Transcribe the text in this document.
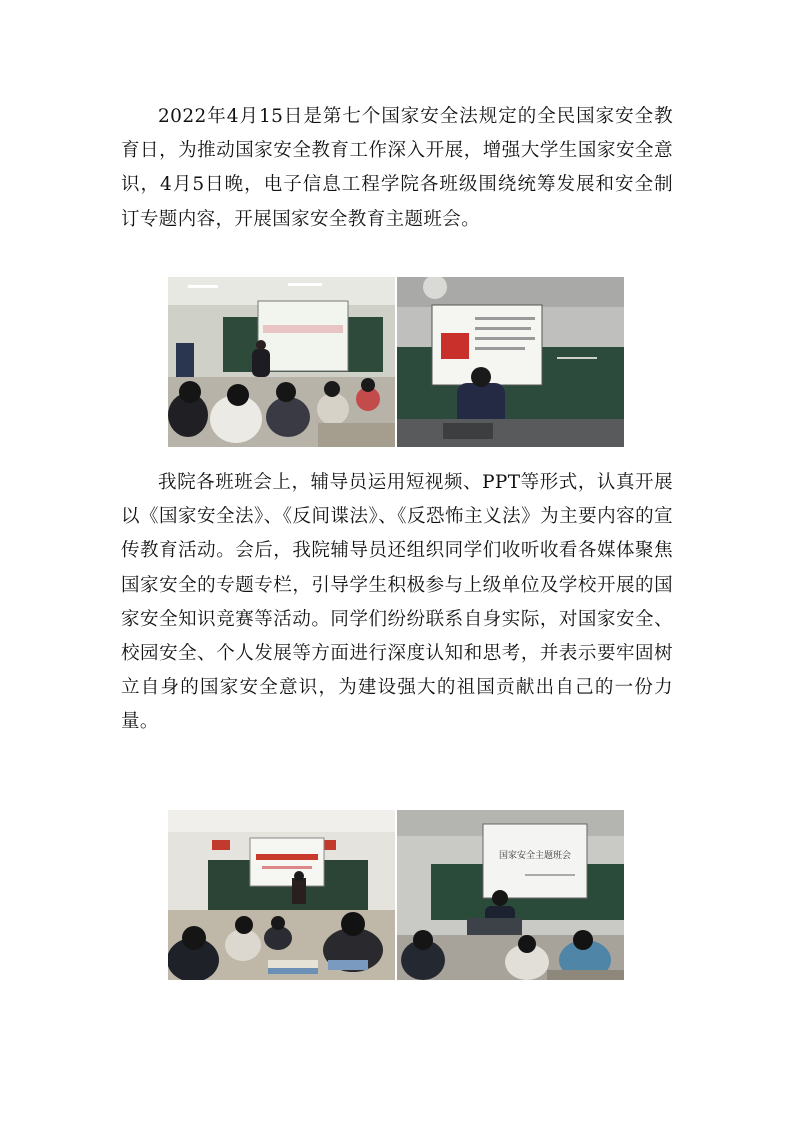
2022年4月15日是第七个国家安全法规定的全民国家安全教育日，为推动国家安全教育工作深入开展，增强大学生国家安全意识，4月5日晚，电子信息工程学院各班级围绕统筹发展和安全制订专题内容，开展国家安全教育主题班会。

我院各班班会上，辅导员运用短视频、PPT等形式，认真开展以《国家安全法》、《反间谍法》、《反恐怖主义法》为主要内容的宣传教育活动。会后，我院辅导员还组织同学们收听收看各媒体聚焦国家安全的专题专栏，引导学生积极参与上级单位及学校开展的国家安全知识竞赛等活动。同学们纷纷联系自身实际，对国家安全、校园安全、个人发展等方面进行深度认知和思考，并表示要牢固树立自身的国家安全意识，为建设强大的祖国贡献出自己的一份力量。

国家安全主题班会
